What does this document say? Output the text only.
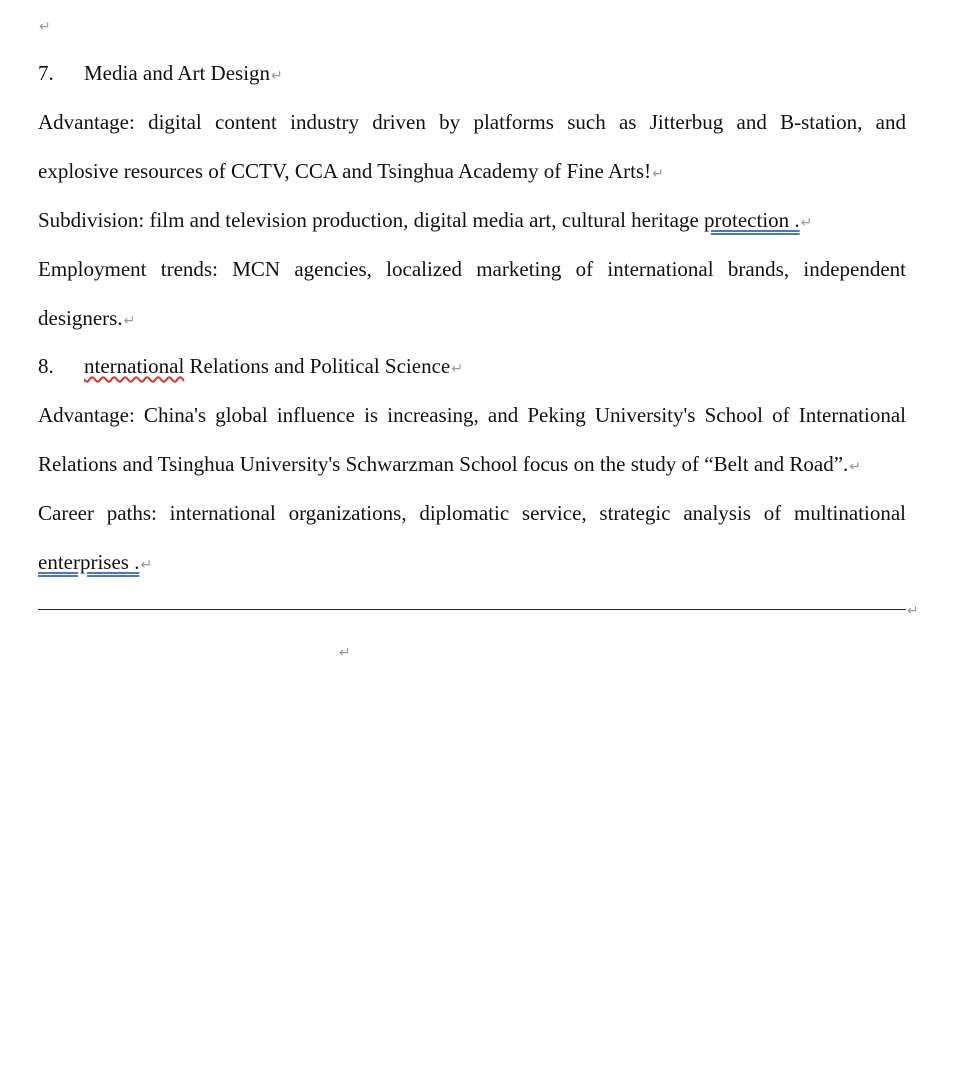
↵
7. Media and Art Design↵
Advantage: digital content industry driven by platforms such as Jitterbug and B-station, and
explosive resources of CCTV, CCA and Tsinghua Academy of Fine Arts!↵
Subdivision: film and television production, digital media art, cultural heritage protection .↵
Employment trends: MCN agencies, localized marketing of international brands, independent
designers.↵
8. nternational Relations and Political Science↵
Advantage: China's global influence is increasing, and Peking University's School of International
Relations and Tsinghua University's Schwarzman School focus on the study of “Belt and Road”.↵
Career paths: international organizations, diplomatic service, strategic analysis of multinational
enterprises .↵
↵
↵
